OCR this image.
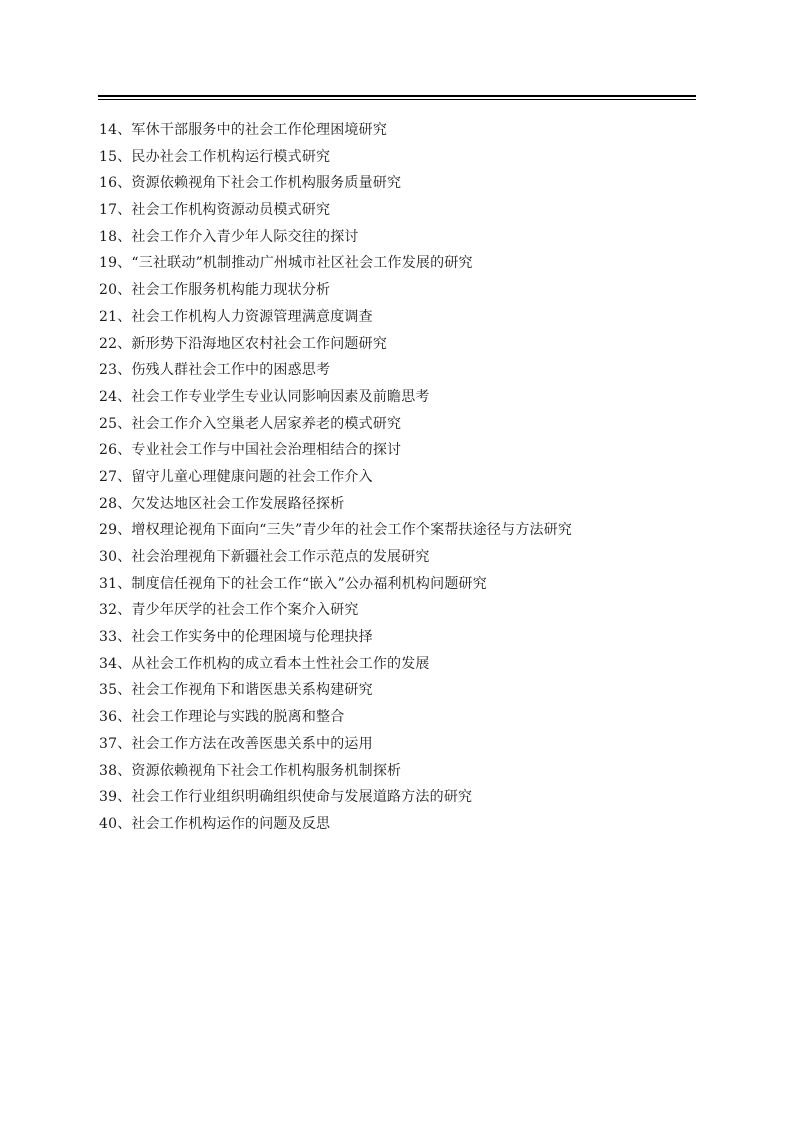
14、军休干部服务中的社会工作伦理困境研究
15、民办社会工作机构运行模式研究
16、资源依赖视角下社会工作机构服务质量研究
17、社会工作机构资源动员模式研究
18、社会工作介入青少年人际交往的探讨
19、“三社联动”机制推动广州城市社区社会工作发展的研究
20、社会工作服务机构能力现状分析
21、社会工作机构人力资源管理满意度调查
22、新形势下沿海地区农村社会工作问题研究
23、伤残人群社会工作中的困惑思考
24、社会工作专业学生专业认同影响因素及前瞻思考
25、社会工作介入空巢老人居家养老的模式研究
26、专业社会工作与中国社会治理相结合的探讨
27、留守儿童心理健康问题的社会工作介入
28、欠发达地区社会工作发展路径探析
29、增权理论视角下面向“三失”青少年的社会工作个案帮扶途径与方法研究
30、社会治理视角下新疆社会工作示范点的发展研究
31、制度信任视角下的社会工作“嵌入”公办福利机构问题研究
32、青少年厌学的社会工作个案介入研究
33、社会工作实务中的伦理困境与伦理抉择
34、从社会工作机构的成立看本土性社会工作的发展
35、社会工作视角下和谐医患关系构建研究
36、社会工作理论与实践的脱离和整合
37、社会工作方法在改善医患关系中的运用
38、资源依赖视角下社会工作机构服务机制探析
39、社会工作行业组织明确组织使命与发展道路方法的研究
40、社会工作机构运作的问题及反思
